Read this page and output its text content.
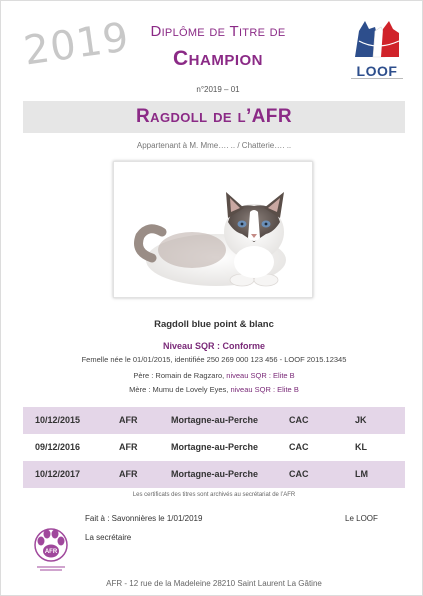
2019	Diplôme de Titre de
Champion
n°2019 – 01
LOOF
Ragdoll de l’AFR
Appartenant à M. Mme…. .. / Chatterie…. ..
Ragdoll blue point & blanc
Niveau SQR : Conforme
Femelle née le 01/01/2015, identifiée 250 269 000 123 456 - LOOF 2015.12345
Père : Romain de Ragzaro, niveau SQR : Elite B
Mère : Mumu de Lovely Eyes, niveau SQR : Elite B
10/12/2015	AFR	Mortagne-au-Perche	CAC	JK
09/12/2016	AFR	Mortagne-au-Perche	CAC	KL
10/12/2017	AFR	Mortagne-au-Perche	CAC	LM
Les certificats des titres sont archivés au secrétariat de l’AFR
AFR
Fait à : Savonnières le 1/01/2019	Le LOOF
La secrétaire
AFR - 12 rue de la Madeleine 28210 Saint Laurent La Gâtine
